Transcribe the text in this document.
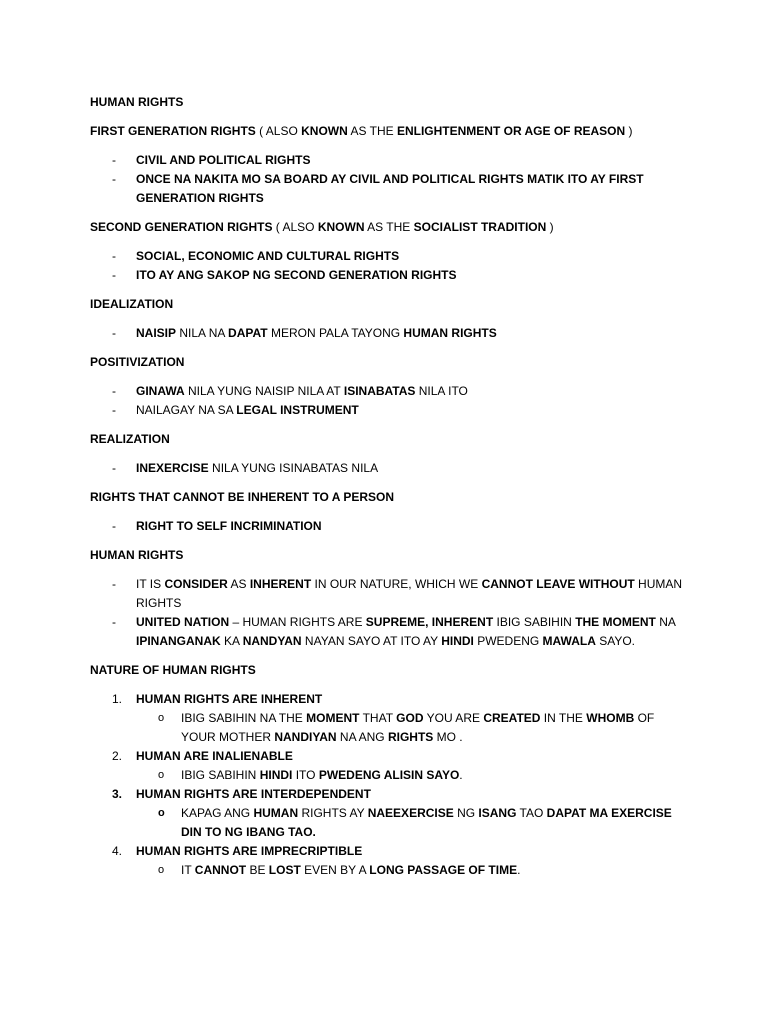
HUMAN RIGHTS
FIRST GENERATION RIGHTS ( ALSO KNOWN AS THE ENLIGHTENMENT OR AGE OF REASON )
-	CIVIL AND POLITICAL RIGHTS
-	ONCE NA NAKITA MO SA BOARD AY CIVIL AND POLITICAL RIGHTS MATIK ITO AY FIRST GENERATION RIGHTS
SECOND GENERATION RIGHTS ( ALSO KNOWN AS THE SOCIALIST TRADITION )
-	SOCIAL, ECONOMIC AND CULTURAL RIGHTS
-	ITO AY ANG SAKOP NG SECOND GENERATION RIGHTS
IDEALIZATION
-	NAISIP NILA NA DAPAT MERON PALA TAYONG HUMAN RIGHTS
POSITIVIZATION
-	GINAWA NILA YUNG NAISIP NILA AT ISINABATAS NILA ITO
-	NAILAGAY NA SA LEGAL INSTRUMENT
REALIZATION
-	INEXERCISE NILA YUNG ISINABATAS NILA
RIGHTS THAT CANNOT BE INHERENT TO A PERSON
-	RIGHT TO SELF INCRIMINATION
HUMAN RIGHTS
-	IT IS CONSIDER AS INHERENT IN OUR NATURE, WHICH WE CANNOT LEAVE WITHOUT HUMAN RIGHTS
-	UNITED NATION – HUMAN RIGHTS ARE SUPREME, INHERENT IBIG SABIHIN THE MOMENT NA IPINANGANAK KA NANDYAN NAYAN SAYO AT ITO AY HINDI PWEDENG MAWALA SAYO.
NATURE OF HUMAN RIGHTS
1.	HUMAN RIGHTS ARE INHERENT
o	IBIG SABIHIN NA THE MOMENT THAT GOD YOU ARE CREATED IN THE WHOMB OF YOUR MOTHER NANDIYAN NA ANG RIGHTS MO .
2.	HUMAN ARE INALIENABLE
o	IBIG SABIHIN HINDI ITO PWEDENG ALISIN SAYO.
3.	HUMAN RIGHTS ARE INTERDEPENDENT
o	KAPAG ANG HUMAN RIGHTS AY NAEEXERCISE NG ISANG TAO DAPAT MA EXERCISE DIN TO NG IBANG TAO.
4.	HUMAN RIGHTS ARE IMPRECRIPTIBLE
o	IT CANNOT BE LOST EVEN BY A LONG PASSAGE OF TIME.
